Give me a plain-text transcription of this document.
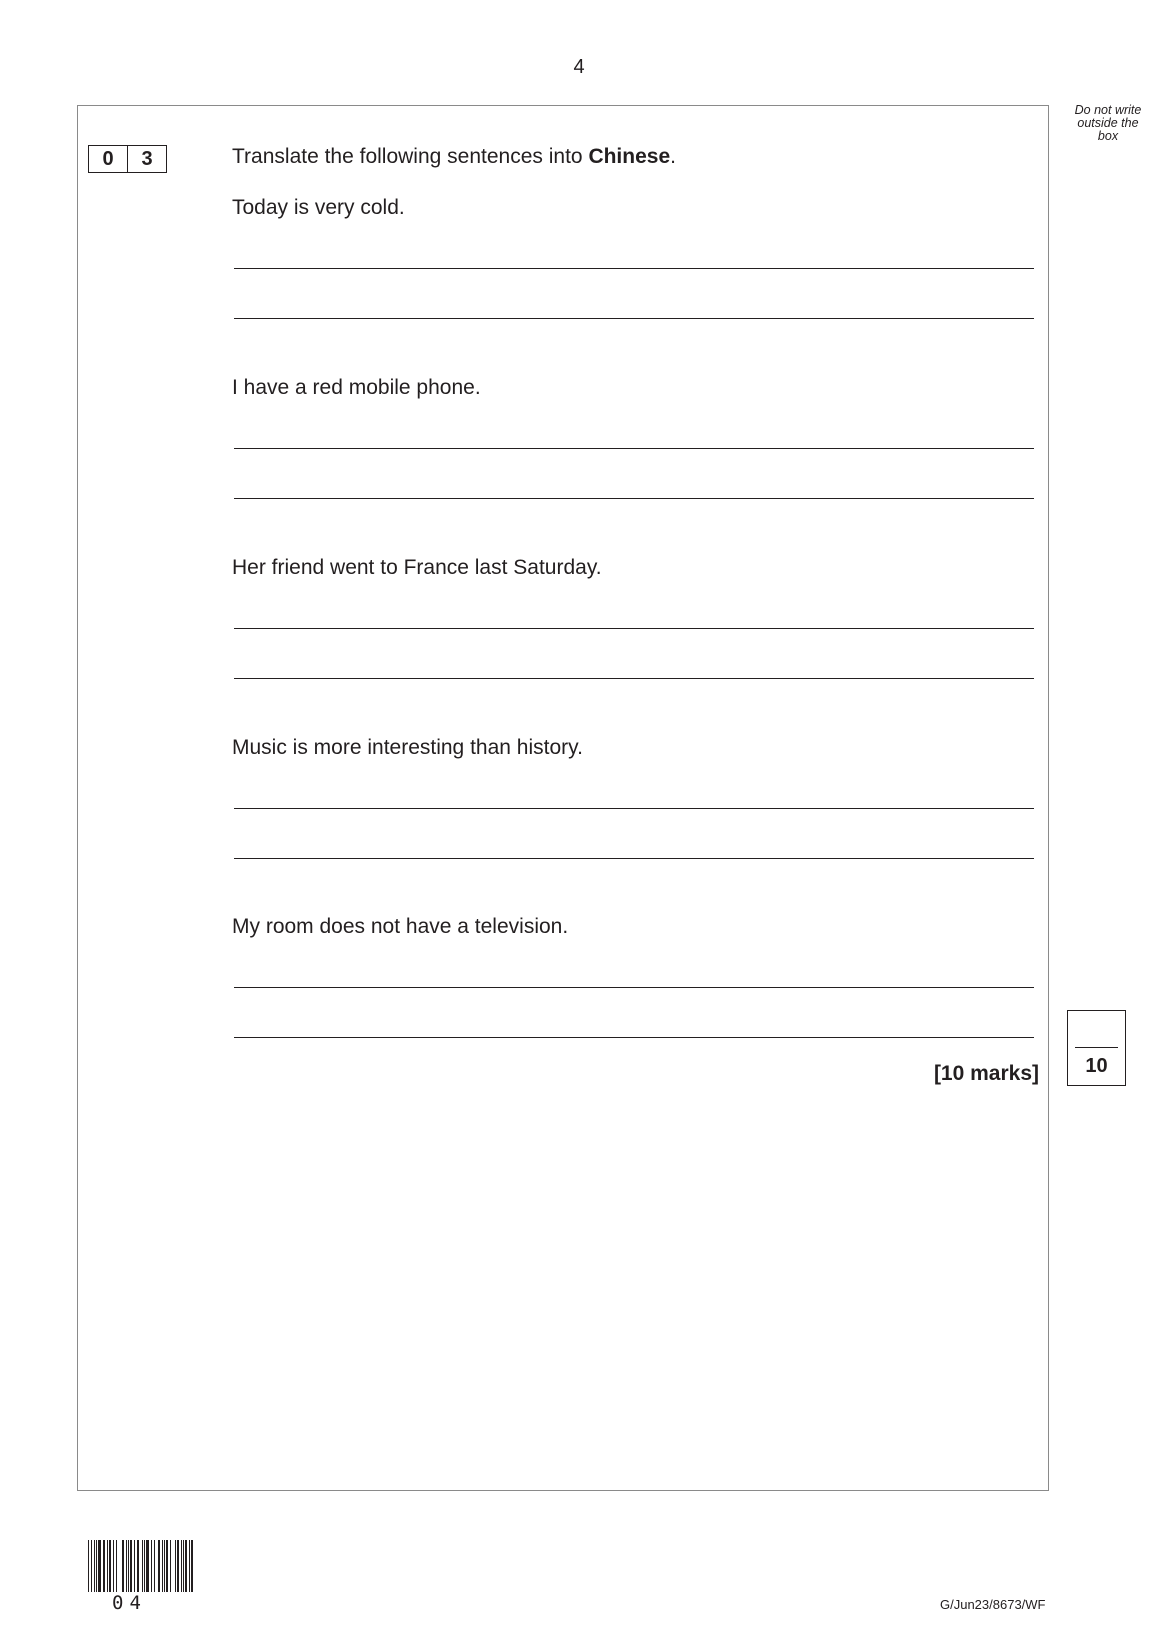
4
Do not write
outside the
box
0	3	Translate the following sentences into Chinese.
Today is very cold.
I have a red mobile phone.
Her friend went to France last Saturday.
Music is more interesting than history.
My room does not have a television.
[10 marks]	10
04	G/Jun23/8673/WF
